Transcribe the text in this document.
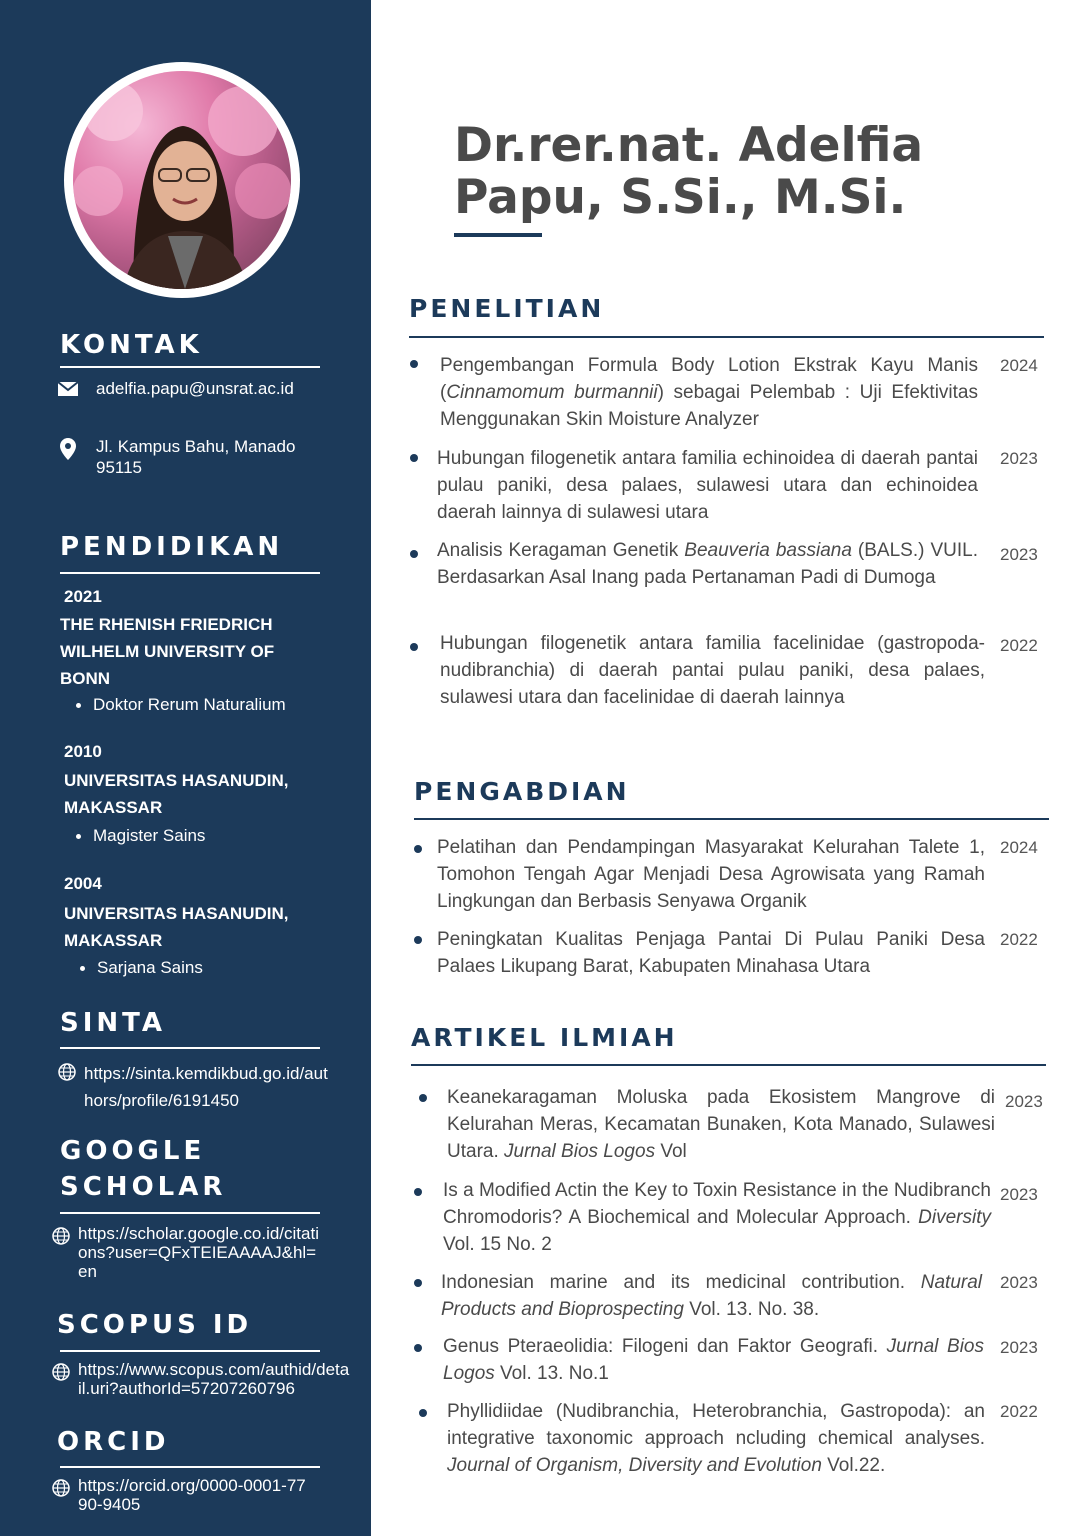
KONTAK
adelfia.papu@unsrat.ac.id
Jl. Kampus Bahu, Manado 95115
PENDIDIKAN
2021
THE RHENISH FRIEDRICH WILHELM UNIVERSITY OF BONN
Doktor Rerum Naturalium
2010
UNIVERSITAS HASANUDIN, MAKASSAR
Magister Sains
2004
UNIVERSITAS HASANUDIN, MAKASSAR
Sarjana Sains
SINTA
https://sinta.kemdikbud.go.id/authors/profile/6191450
GOOGLE
SCHOLAR
https://scholar.google.co.id/citations?user=QFxTEIEAAAAJ&hl=en
SCOPUS ID
https://www.scopus.com/authid/detail.uri?authorId=57207260796
ORCID
https://orcid.org/0000-0001-7790-9405
Dr.rer.nat. Adelfia Papu, S.Si., M.Si.
PENELITIAN
Pengembangan Formula Body Lotion Ekstrak Kayu Manis (Cinnamomum burmannii) sebagai Pelembab : Uji Efektivitas Menggunakan Skin Moisture Analyzer
2024
Hubungan filogenetik antara familia echinoidea di daerah pantai pulau paniki, desa palaes, sulawesi utara dan echinoidea daerah lainnya di sulawesi utara
2023
Analisis Keragaman Genetik Beauveria bassiana (BALS.) VUIL. Berdasarkan Asal Inang pada Pertanaman Padi di Dumoga
2023
Hubungan filogenetik antara familia facelinidae (gastropoda-nudibranchia) di daerah pantai pulau paniki, desa palaes, sulawesi utara dan facelinidae di daerah lainnya
2022
PENGABDIAN
Pelatihan dan Pendampingan Masyarakat Kelurahan Talete 1, Tomohon Tengah Agar Menjadi Desa Agrowisata yang Ramah Lingkungan dan Berbasis Senyawa Organik
2024
Peningkatan Kualitas Penjaga Pantai Di Pulau Paniki Desa Palaes Likupang Barat, Kabupaten Minahasa Utara
2022
ARTIKEL ILMIAH
Keanekaragaman Moluska pada Ekosistem Mangrove di Kelurahan Meras, Kecamatan Bunaken, Kota Manado, Sulawesi Utara. Jurnal Bios Logos Vol
2023
Is a Modified Actin the Key to Toxin Resistance in the Nudibranch Chromodoris? A Biochemical and Molecular Approach. Diversity Vol. 15 No. 2
2023
Indonesian marine and its medicinal contribution. Natural Products and Bioprospecting Vol. 13. No. 38.
2023
Genus Pteraeolidia: Filogeni dan Faktor Geografi. Jurnal Bios Logos Vol. 13. No.1
2023
Phyllidiidae (Nudibranchia, Heterobranchia, Gastropoda): an integrative taxonomic approach ncluding chemical analyses. Journal of Organism, Diversity and Evolution Vol.22.
2022
